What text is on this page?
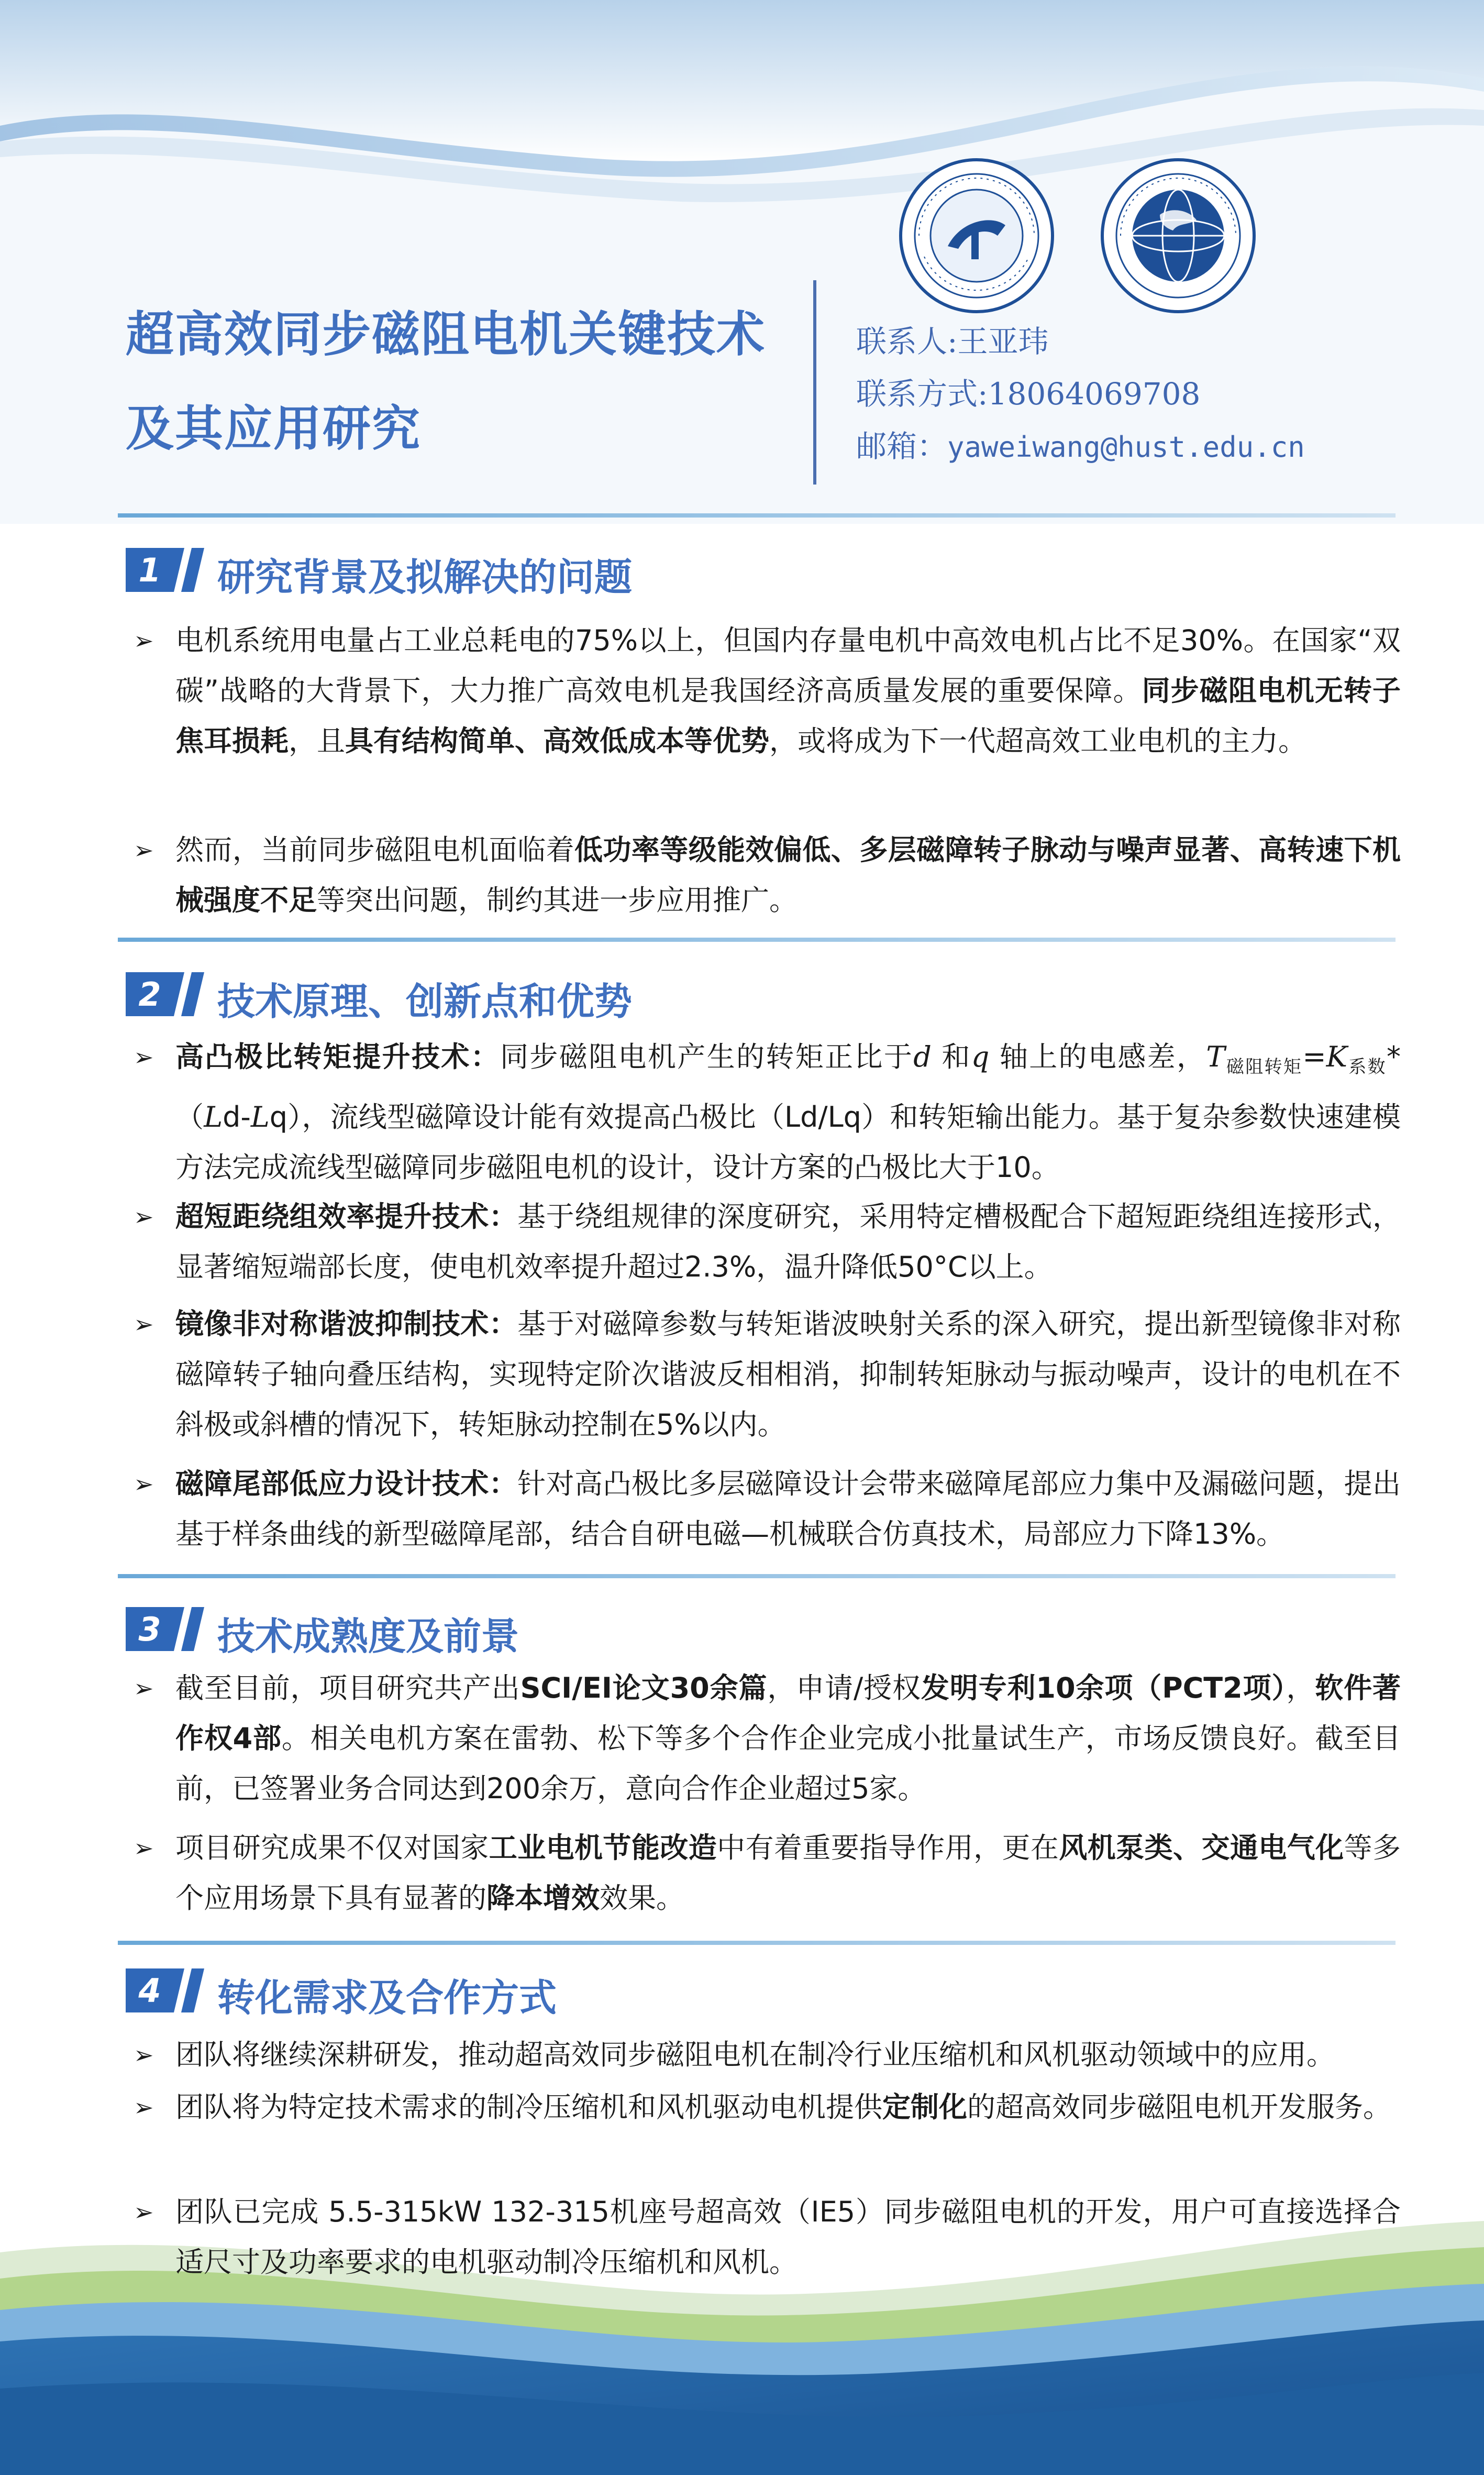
超高效同步磁阻电机关键技术
及其应用研究
联系人:王亚玮
联系方式:18064069708
邮箱：yaweiwang@hust.edu.cn
1 研究背景及拟解决的问题
➢ 电机系统用电量占工业总耗电的75%以上，但国内存量电机中高效电机占比不足30%。在国家“双碳”战略的大背景下，大力推广高效电机是我国经济高质量发展的重要保障。同步磁阻电机无转子焦耳损耗，且具有结构简单、高效低成本等优势，或将成为下一代超高效工业电机的主力。
➢ 然而，当前同步磁阻电机面临着低功率等级能效偏低、多层磁障转子脉动与噪声显著、高转速下机械强度不足等突出问题，制约其进一步应用推广。
2 技术原理、创新点和优势
➢ 高凸极比转矩提升技术：同步磁阻电机产生的转矩正比于d 和q 轴上的电感差，$T_{磁阻转矩}=K_{系数}*(Ld-Lq)$，流线型磁障设计能有效提高凸极比（Ld/Lq）和转矩输出能力。基于复杂参数快速建模方法完成流线型磁障同步磁阻电机的设计，设计方案的凸极比大于10。
➢ 超短距绕组效率提升技术：基于绕组规律的深度研究，采用特定槽极配合下超短距绕组连接形式，显著缩短端部长度，使电机效率提升超过2.3%，温升降低50°C以上。
➢ 镜像非对称谐波抑制技术：基于对磁障参数与转矩谐波映射关系的深入研究，提出新型镜像非对称磁障转子轴向叠压结构，实现特定阶次谐波反相相消，抑制转矩脉动与振动噪声，设计的电机在不斜极或斜槽的情况下，转矩脉动控制在5%以内。
➢ 磁障尾部低应力设计技术：针对高凸极比多层磁障设计会带来磁障尾部应力集中及漏磁问题，提出基于样条曲线的新型磁障尾部，结合自研电磁—机械联合仿真技术，局部应力下降13%。
3 技术成熟度及前景
➢ 截至目前，项目研究共产出SCI/EI论文30余篇，申请/授权发明专利10余项（PCT2项），软件著作权4部。相关电机方案在雷勃、松下等多个合作企业完成小批量试生产，市场反馈良好。截至目前，已签署业务合同达到200余万，意向合作企业超过5家。
➢ 项目研究成果不仅对国家工业电机节能改造中有着重要指导作用，更在风机泵类、交通电气化等多个应用场景下具有显著的降本增效效果。
4 转化需求及合作方式
➢ 团队将继续深耕研发，推动超高效同步磁阻电机在制冷行业压缩机和风机驱动领域中的应用。
➢ 团队将为特定技术需求的制冷压缩机和风机驱动电机提供定制化的超高效同步磁阻电机开发服务。
➢ 团队已完成 5.5-315kW 132-315机座号超高效（IE5）同步磁阻电机的开发，用户可直接选择合适尺寸及功率要求的电机驱动制冷压缩机和风机。
